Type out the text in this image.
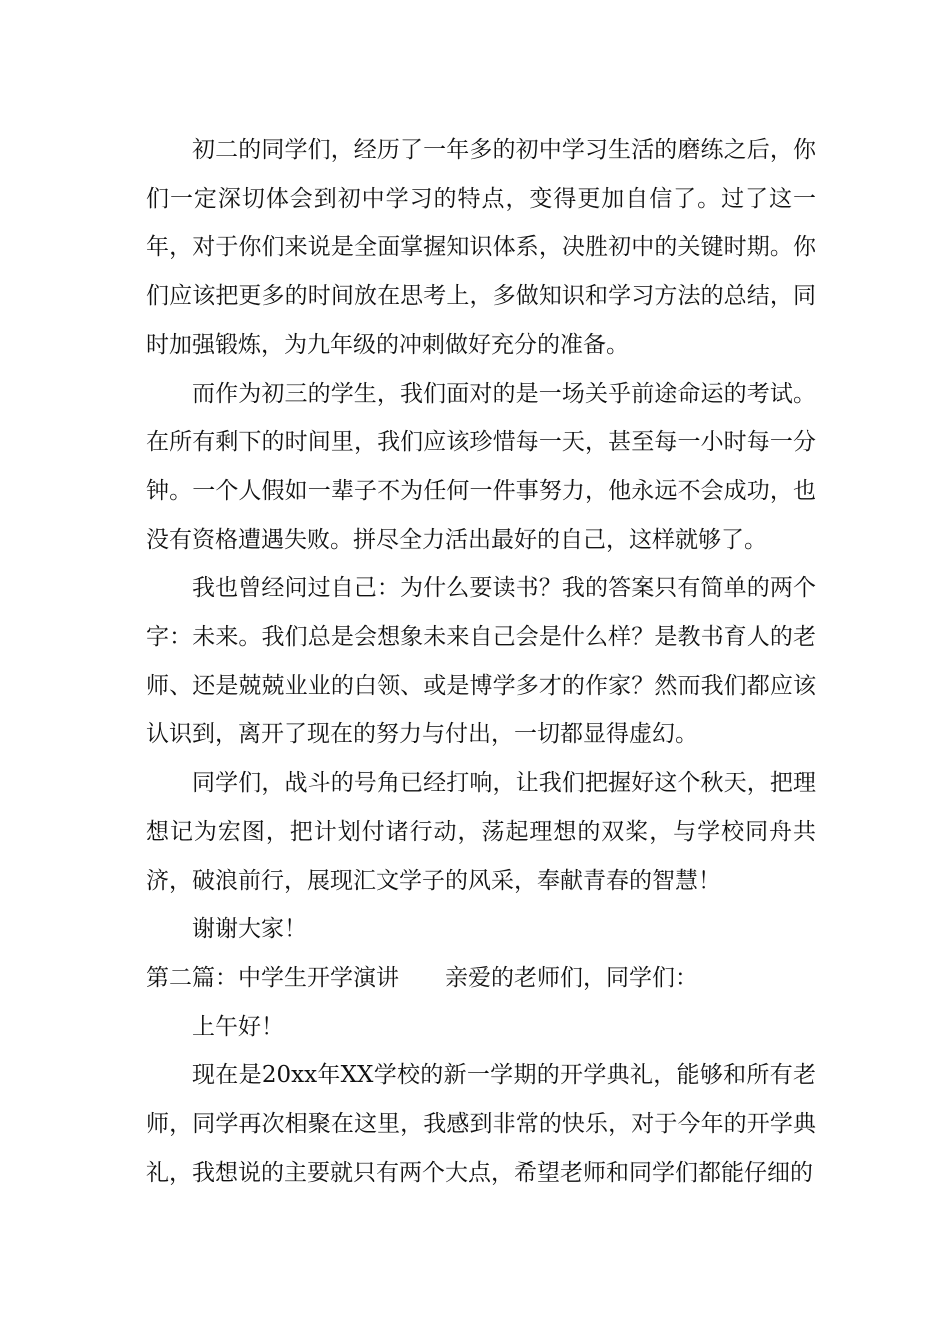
初二的同学们，经历了一年多的初中学习生活的磨练之后，你们一定深切体会到初中学习的特点，变得更加自信了。过了这一年，对于你们来说是全面掌握知识体系，决胜初中的关键时期。你们应该把更多的时间放在思考上，多做知识和学习方法的总结，同时加强锻炼，为九年级的冲刺做好充分的准备。

而作为初三的学生，我们面对的是一场关乎前途命运的考试。在所有剩下的时间里，我们应该珍惜每一天，甚至每一小时每一分钟。一个人假如一辈子不为任何一件事努力，他永远不会成功，也没有资格遭遇失败。拼尽全力活出最好的自己，这样就够了。

我也曾经问过自己：为什么要读书？我的答案只有简单的两个字：未来。我们总是会想象未来自己会是什么样？是教书育人的老师、还是兢兢业业的白领、或是博学多才的作家？然而我们都应该认识到，离开了现在的努力与付出，一切都显得虚幻。

同学们，战斗的号角已经打响，让我们把握好这个秋天，把理想记为宏图，把计划付诸行动，荡起理想的双桨，与学校同舟共济，破浪前行，展现汇文学子的风采，奉献青春的智慧！

谢谢大家！

第二篇：中学生开学演讲 亲爱的老师们，同学们：

上午好！

现在是20xx年XX学校的新一学期的开学典礼，能够和所有老师，同学再次相聚在这里，我感到非常的快乐，对于今年的开学典礼，我想说的主要就只有两个大点，希望老师和同学们都能仔细的
